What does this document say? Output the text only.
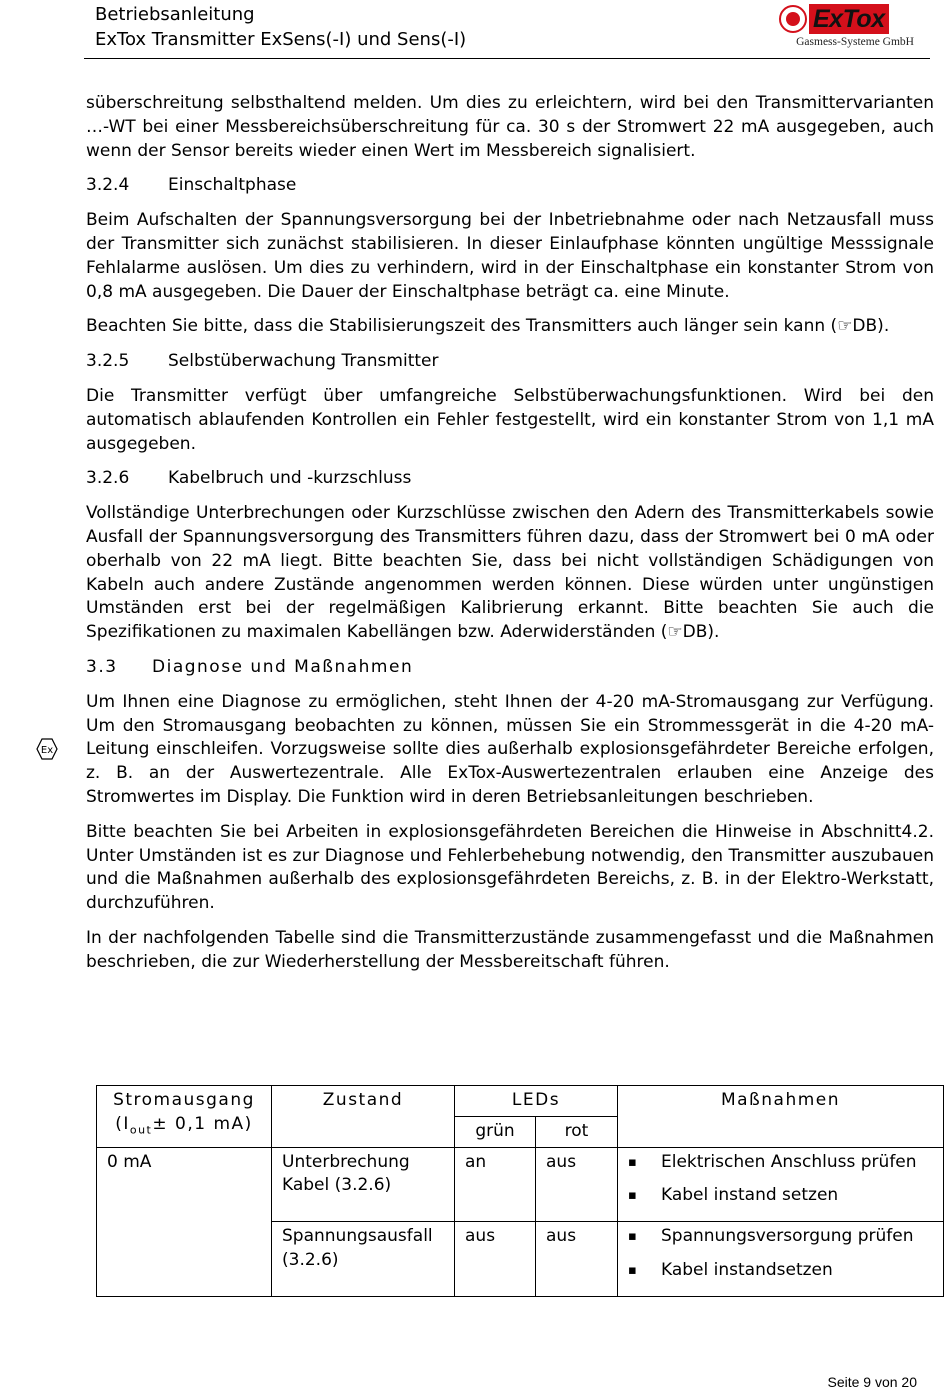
Betriebsanleitung
ExTox Transmitter ExSens(-I) und Sens(-I)
ExTox
Gasmess-Systeme GmbH

süberschreitung selbsthaltend melden. Um dies zu erleichtern, wird bei den Transmittervarianten …-WT bei einer Messbereichsüberschreitung für ca. 30 s der Stromwert 22 mA ausgegeben, auch wenn der Sensor bereits wieder einen Wert im Messbereich signalisiert.

3.2.4 Einschaltphase

Beim Aufschalten der Spannungsversorgung bei der Inbetriebnahme oder nach Netzausfall muss der Transmitter sich zunächst stabilisieren. In dieser Einlaufphase könnten ungültige Messsignale Fehlalarme auslösen. Um dies zu verhindern, wird in der Einschaltphase ein konstanter Strom von 0,8 mA ausgegeben. Die Dauer der Einschaltphase beträgt ca. eine Minute.

Beachten Sie bitte, dass die Stabilisierungszeit des Transmitters auch länger sein kann (☞DB).

3.2.5 Selbstüberwachung Transmitter

Die Transmitter verfügt über umfangreiche Selbstüberwachungsfunktionen. Wird bei den automatisch ablaufenden Kontrollen ein Fehler festgestellt, wird ein konstanter Strom von 1,1 mA ausgegeben.

3.2.6 Kabelbruch und -kurzschluss

Vollständige Unterbrechungen oder Kurzschlüsse zwischen den Adern des Transmitterkabels sowie Ausfall der Spannungsversorgung des Transmitters führen dazu, dass der Stromwert bei 0 mA oder oberhalb von 22 mA liegt. Bitte beachten Sie, dass bei nicht vollständigen Schädigungen von Kabeln auch andere Zustände angenommen werden können. Diese würden unter ungünstigen Umständen erst bei der regelmäßigen Kalibrierung erkannt. Bitte beachten Sie auch die Spezifikationen zu maximalen Kabellängen bzw. Aderwiderständen (☞DB).

3.3 Diagnose und Maßnahmen

Um Ihnen eine Diagnose zu ermöglichen, steht Ihnen der 4-20 mA-Stromausgang zur Verfügung. Um den Stromausgang beobachten zu können, müssen Sie ein Strommessgerät in die 4-20 mA-Leitung einschleifen. Vorzugsweise sollte dies außerhalb explosionsgefährdeter Bereiche erfolgen, z. B. an der Auswertezentrale. Alle ExTox-Auswertezentralen erlauben eine Anzeige des Stromwertes im Display. Die Funktion wird in deren Betriebsanleitungen beschrieben.

Bitte beachten Sie bei Arbeiten in explosionsgefährdeten Bereichen die Hinweise in Abschnitt4.2. Unter Umständen ist es zur Diagnose und Fehlerbehebung notwendig, den Transmitter auszubauen und die Maßnahmen außerhalb des explosionsgefährdeten Bereichs, z. B. in der Elektro-Werkstatt, durchzuführen.

In der nachfolgenden Tabelle sind die Transmitterzustände zusammengefasst und die Maßnahmen beschrieben, die zur Wiederherstellung der Messbereitschaft führen.

Ex
Stromausgang
($I_{out}\pm 0,1$ mA)	Zustand	LEDs		Maßnahmen
		grün	rot	
0 mA	Unterbrechung Kabel (3.2.6)	an	aus	▪ Elektrischen Anschluss prüfen
▪ Kabel instand setzen

	Spannungsausfall (3.2.6)	aus	aus	▪ Spannungsversorgung prüfen
▪ Kabel instandsetzen
Seite 9 von 20
